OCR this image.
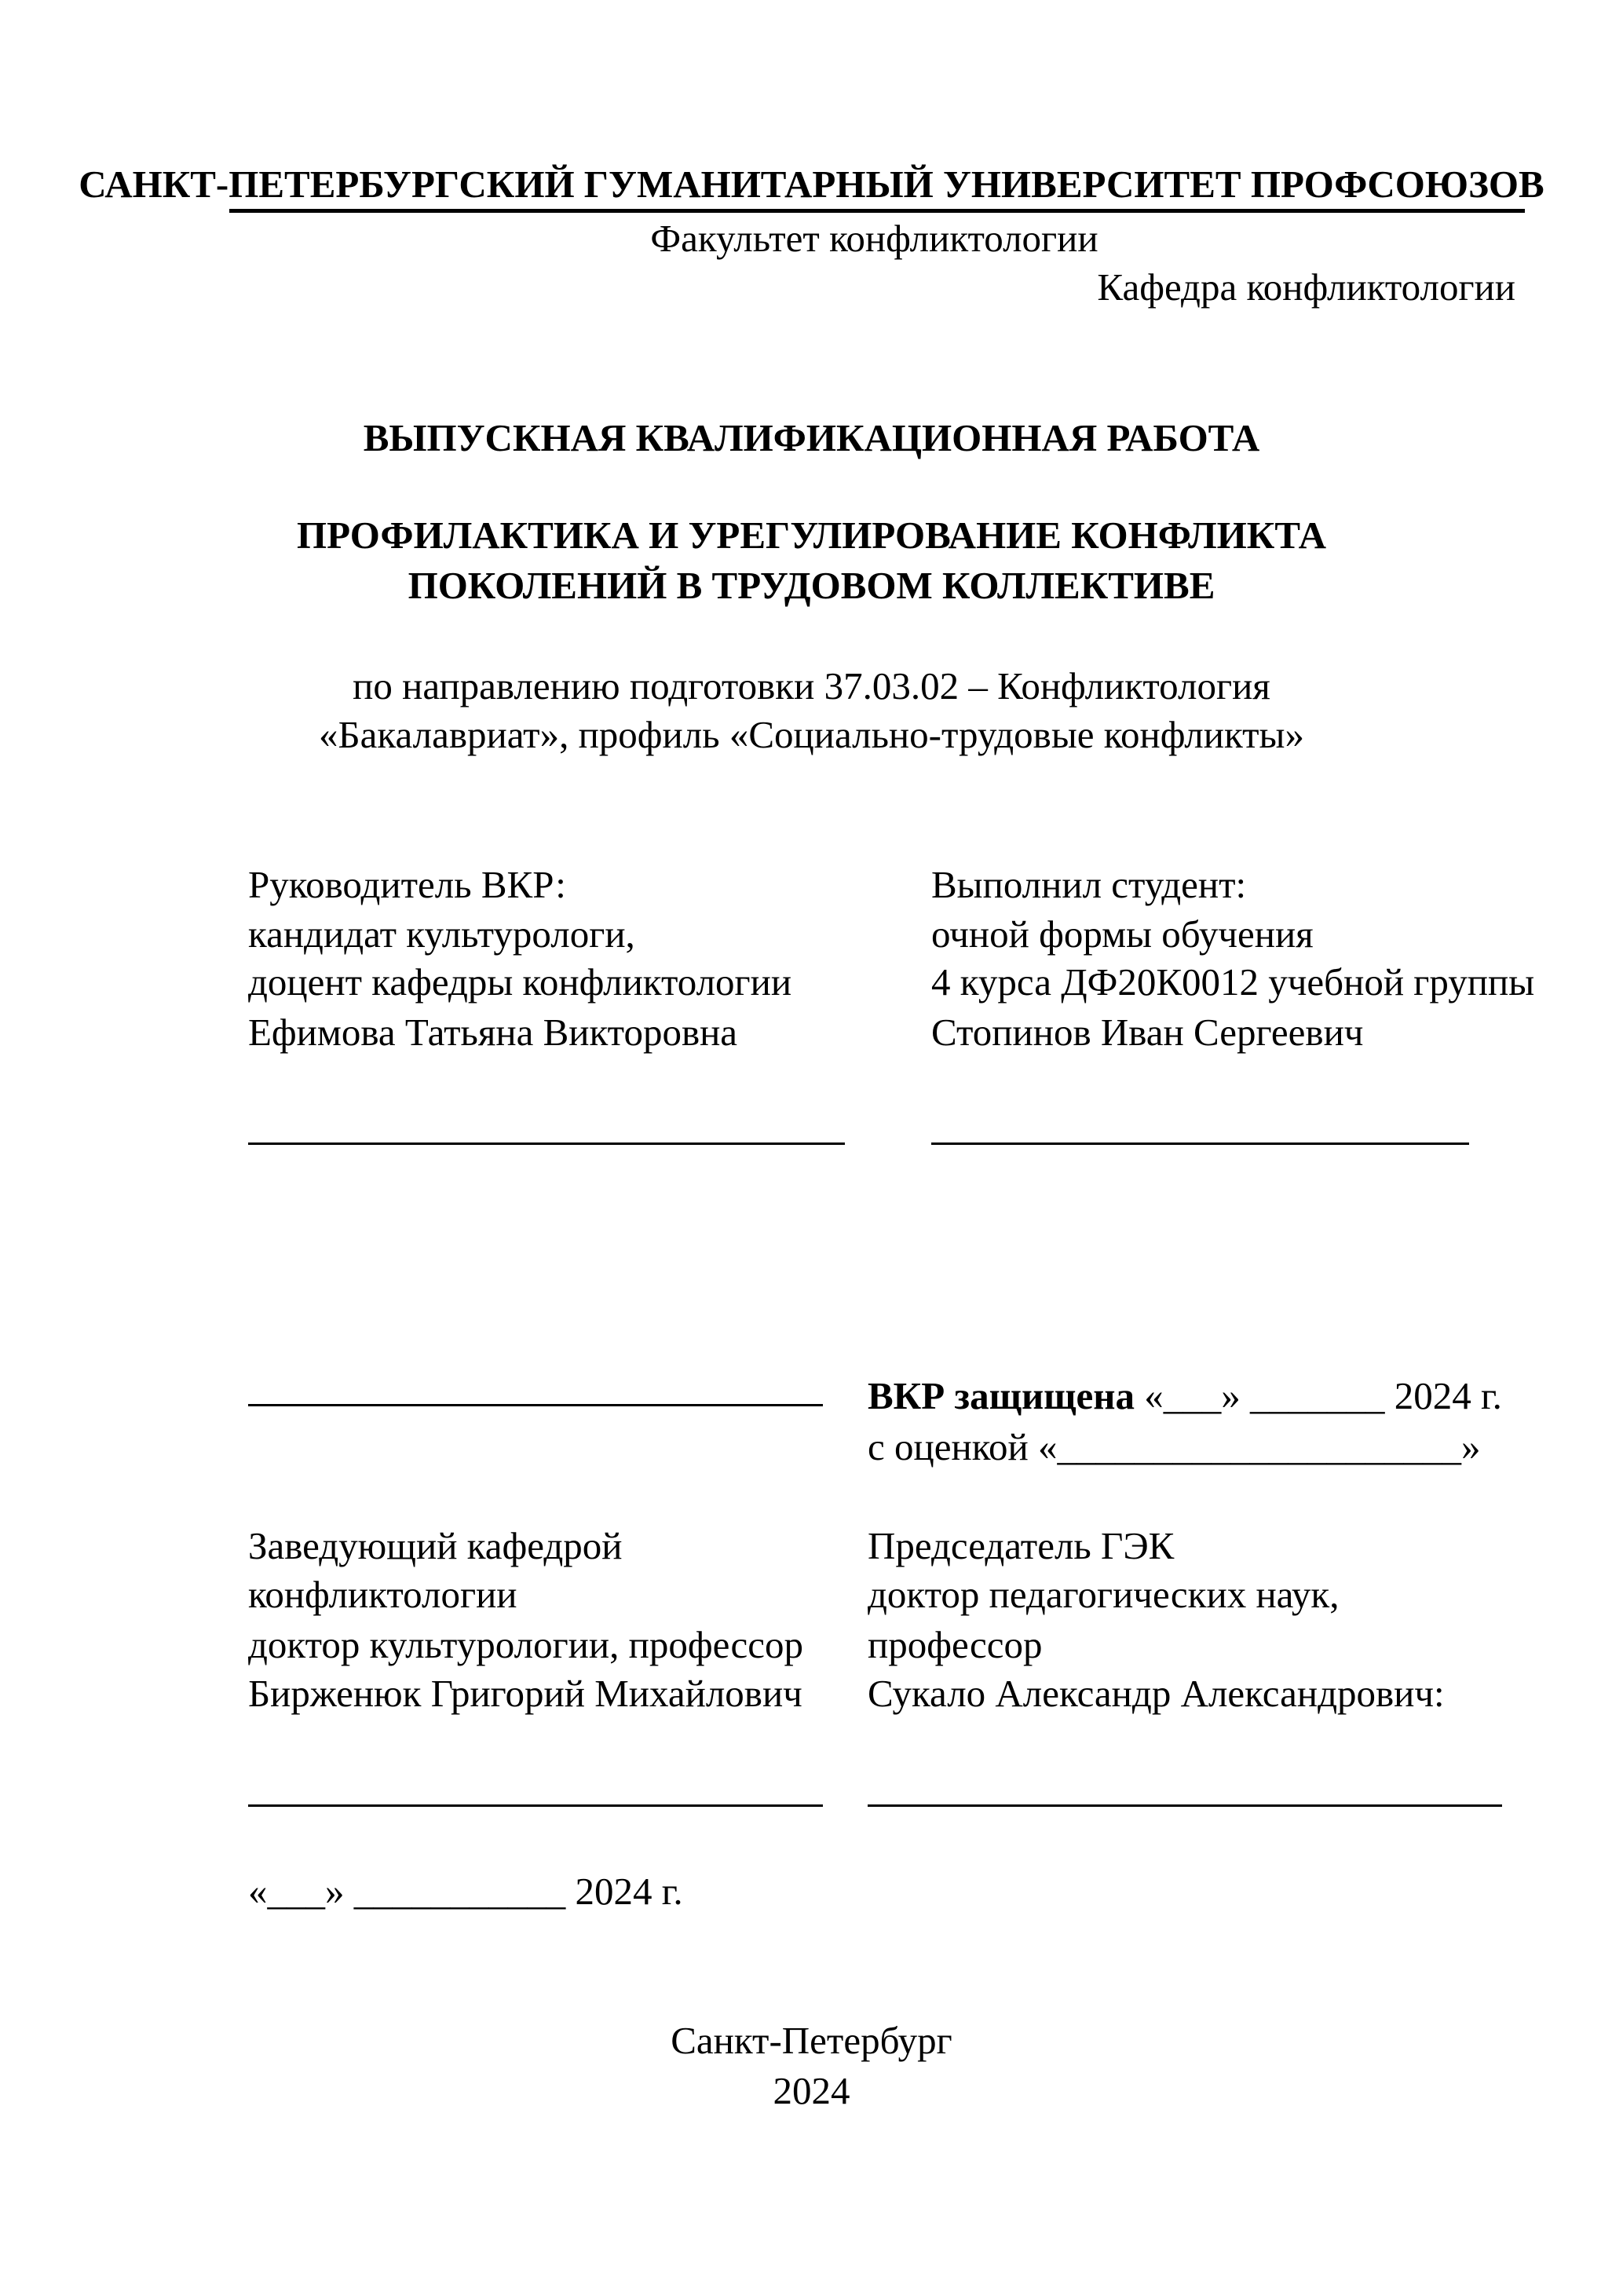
САНКТ-ПЕТЕРБУРГСКИЙ ГУМАНИТАРНЫЙ УНИВЕРСИТЕТ ПРОФСОЮЗОВ
Факультет конфликтологии
Кафедра конфликтологии
ВЫПУСКНАЯ КВАЛИФИКАЦИОННАЯ РАБОТА
ПРОФИЛАКТИКА И УРЕГУЛИРОВАНИЕ КОНФЛИКТА
ПОКОЛЕНИЙ В ТРУДОВОМ КОЛЛЕКТИВЕ
по направлению подготовки 37.03.02 – Конфликтология
«Бакалавриат», профиль «Социально-трудовые конфликты»
Руководитель ВКР:
кандидат культурологи,
доцент кафедры конфликтологии
Ефимова Татьяна Викторовна
Выполнил студент:
очной формы обучения
4 курса ДФ20К0012 учебной группы
Стопинов Иван Сергеевич
ВКР защищена «___» _______ 2024 г.
с оценкой «_____________________»
Заведующий кафедрой
конфликтологии
доктор культурологии, профессор
Бирженюк Григорий Михайлович
Председатель ГЭК
доктор педагогических наук,
профессор
Сукало Александр Александрович:
«___» ___________ 2024 г.
Санкт-Петербург
2024
